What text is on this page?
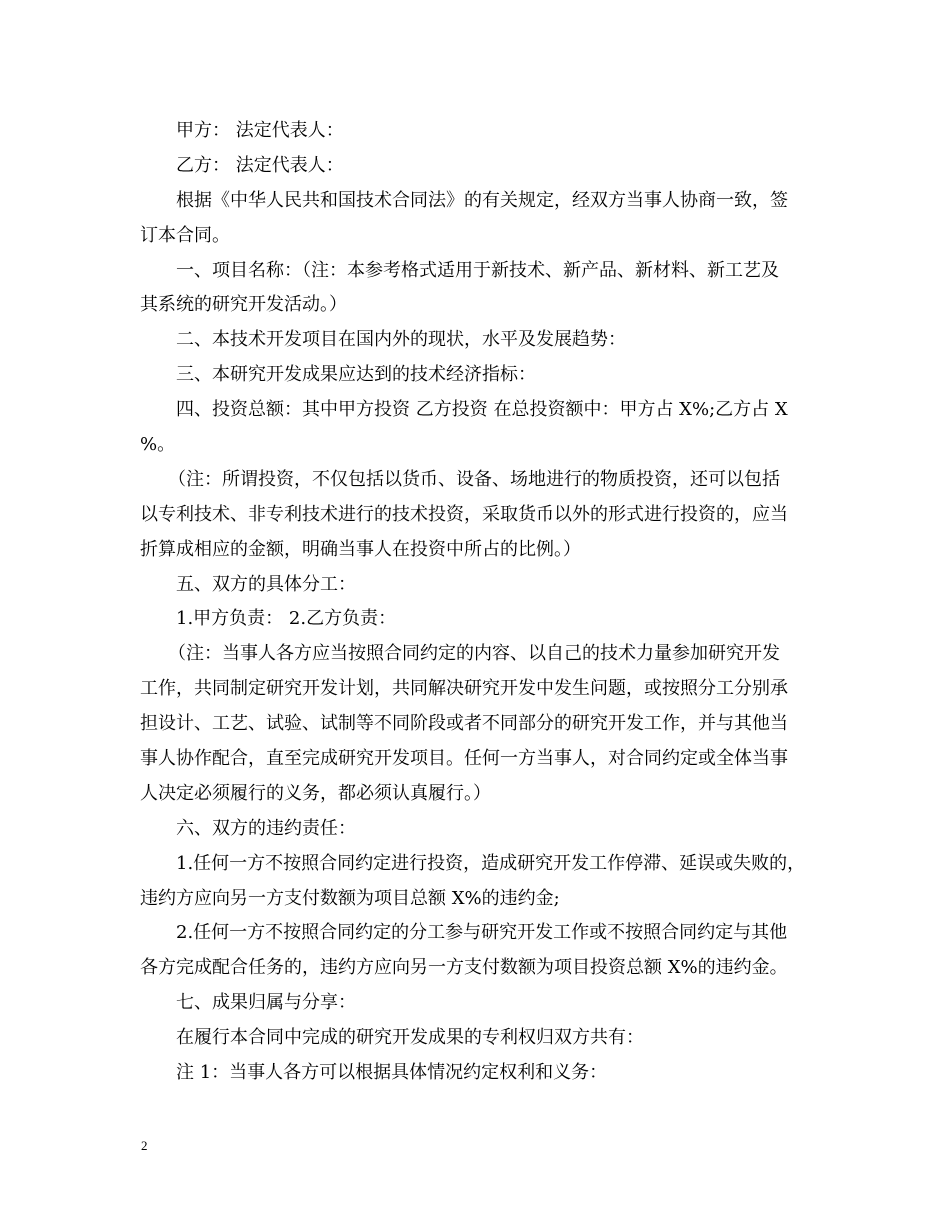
甲方： 法定代表人：
乙方： 法定代表人：
根据《中华人民共和国技术合同法》的有关规定，经双方当事人协商一致，签
订本合同。
一、项目名称：（注：本参考格式适用于新技术、新产品、新材料、新工艺及
其系统的研究开发活动。）
二、本技术开发项目在国内外的现状，水平及发展趋势：
三、本研究开发成果应达到的技术经济指标：
四、投资总额：其中甲方投资 乙方投资 在总投资额中：甲方占 X%;乙方占 X
%。
（注：所谓投资，不仅包括以货币、设备、场地进行的物质投资，还可以包括
以专利技术、非专利技术进行的技术投资，采取货币以外的形式进行投资的，应当
折算成相应的金额，明确当事人在投资中所占的比例。）
五、双方的具体分工：
1.甲方负责： 2.乙方负责：
（注：当事人各方应当按照合同约定的内容、以自己的技术力量参加研究开发
工作，共同制定研究开发计划，共同解决研究开发中发生问题，或按照分工分别承
担设计、工艺、试验、试制等不同阶段或者不同部分的研究开发工作，并与其他当
事人协作配合，直至完成研究开发项目。任何一方当事人，对合同约定或全体当事
人决定必须履行的义务，都必须认真履行。）
六、双方的违约责任：
1.任何一方不按照合同约定进行投资，造成研究开发工作停滞、延误或失败的，
违约方应向另一方支付数额为项目总额 X%的违约金;
2.任何一方不按照合同约定的分工参与研究开发工作或不按照合同约定与其他
各方完成配合任务的，违约方应向另一方支付数额为项目投资总额 X%的违约金。
七、成果归属与分享：
在履行本合同中完成的研究开发成果的专利权归双方共有：
注 1：当事人各方可以根据具体情况约定权利和义务：
2
